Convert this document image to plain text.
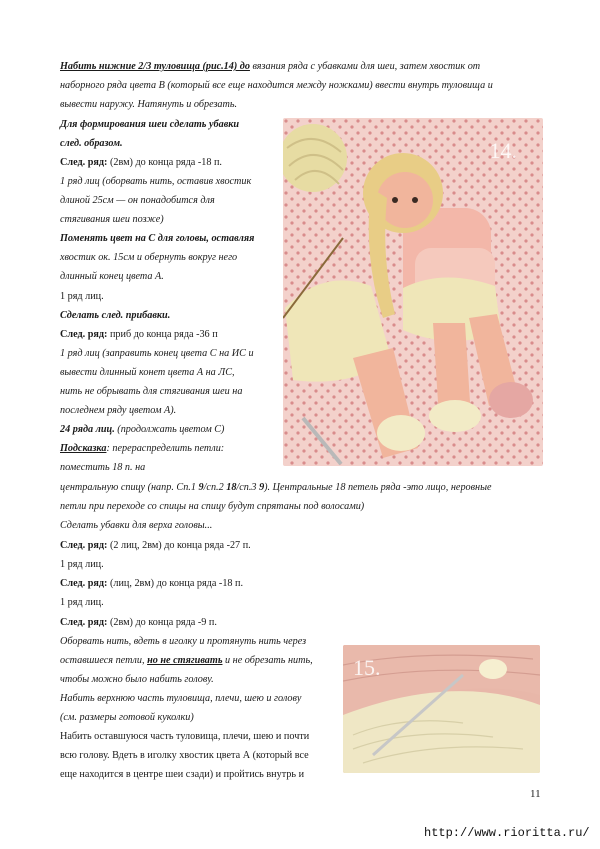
Набить нижние 2/3 туловища (рис.14) до вязания ряда с убавками для шеи, затем хвостик от
наборного ряда цвета В (который все еще находится между ножками) ввести внутрь туловища и
вывести наружу. Натянуть и обрезать.
Для формирования шеи сделать убавки
след. образом.
След. ряд: (2вм) до конца ряда -18 п.
1 ряд лиц (оборвать нить, оставив хвостик
длиной 25см — он понадобится для
стягивания шеи позже)
Поменять цвет на С для головы, оставляя
хвостик ок. 15см и обернуть вокруг него
длинный конец цвета А.
1 ряд лиц.
Сделать след. прибавки.
След. ряд: приб до конца ряда -36 п
1 ряд лиц (заправить конец цвета С на ИС и
вывести длинный конет цвета А на ЛС,
нить не обрывать для стягивания шеи на
последнем ряду цветом А).
24 ряда лиц. (продолжать цветом С)
Подсказка: перераспределить петли:
поместить 18 п. на
центральную спицу (напр. Сп.1 9/сп.2 18/сп.3 9). Центральные 18 петель ряда -это лицо, неровные
петли при переходе со спицы на спицу будут спрятаны под волосами)
Сделать убавки для верха головы...
След. ряд: (2 лиц, 2вм) до конца ряда -27 п.
1 ряд лиц.
След. ряд: (лиц, 2вм) до конца ряда -18 п.
1 ряд лиц.
След. ряд: (2вм) до конца ряда -9 п.
Оборвать нить, вдеть в иголку и протянуть нить через
оставшиеся петли, но не стягивать и не обрезать нить,
чтобы можно было набить голову.
Набить верхнюю часть туловища, плечи, шею и голову
(см. размеры готовой куколки)
Набить оставшуюся часть туловища, плечи, шею и почти
всю голову. Вдеть в иголку хвостик цвета А (который все
еще находится в центре шеи сзади) и пройтись внутрь и
14.
15.
11
http://www.rioritta.ru/
